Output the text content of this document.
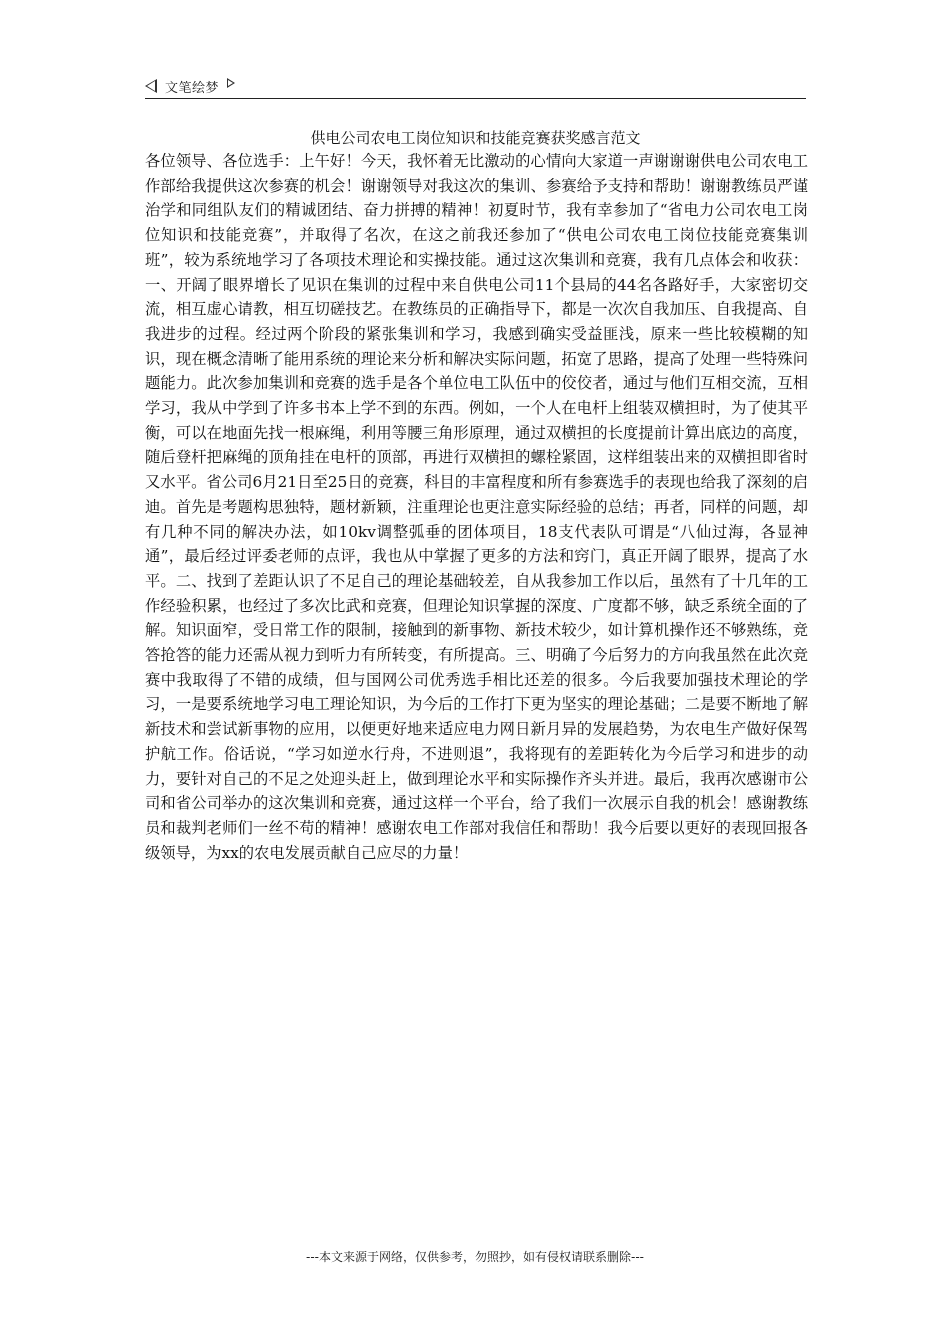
文笔绘梦
供电公司农电工岗位知识和技能竞赛获奖感言范文

各位领导、各位选手：上午好！今天，我怀着无比激动的心情向大家道一声谢谢谢供电公司农电工作部给我提供这次参赛的机会！谢谢领导对我这次的集训、参赛给予支持和帮助！谢谢教练员严谨治学和同组队友们的精诚团结、奋力拼搏的精神！初夏时节，我有幸参加了“省电力公司农电工岗位知识和技能竞赛”，并取得了名次，在这之前我还参加了“供电公司农电工岗位技能竞赛集训班”，较为系统地学习了各项技术理论和实操技能。通过这次集训和竞赛，我有几点体会和收获：一、开阔了眼界增长了见识在集训的过程中来自供电公司11个县局的44名各路好手，大家密切交流，相互虚心请教，相互切磋技艺。在教练员的正确指导下，都是一次次自我加压、自我提高、自我进步的过程。经过两个阶段的紧张集训和学习，我感到确实受益匪浅，原来一些比较模糊的知识，现在概念清晰了能用系统的理论来分析和解决实际问题，拓宽了思路，提高了处理一些特殊问题能力。此次参加集训和竞赛的选手是各个单位电工队伍中的佼佼者，通过与他们互相交流，互相学习，我从中学到了许多书本上学不到的东西。例如，一个人在电杆上组装双横担时，为了使其平衡，可以在地面先找一根麻绳，利用等腰三角形原理，通过双横担的长度提前计算出底边的高度，随后登杆把麻绳的顶角挂在电杆的顶部，再进行双横担的螺栓紧固，这样组装出来的双横担即省时又水平。省公司6月21日至25日的竞赛，科目的丰富程度和所有参赛选手的表现也给我了深刻的启迪。首先是考题构思独特，题材新颖，注重理论也更注意实际经验的总结；再者，同样的问题，却有几种不同的解决办法，如10kv调整弧垂的团体项目，18支代表队可谓是“八仙过海，各显神通”，最后经过评委老师的点评，我也从中掌握了更多的方法和窍门，真正开阔了眼界，提高了水平。二、找到了差距认识了不足自己的理论基础较差，自从我参加工作以后，虽然有了十几年的工作经验积累，也经过了多次比武和竞赛，但理论知识掌握的深度、广度都不够，缺乏系统全面的了解。知识面窄，受日常工作的限制，接触到的新事物、新技术较少，如计算机操作还不够熟练，竞答抢答的能力还需从视力到听力有所转变，有所提高。三、明确了今后努力的方向我虽然在此次竞赛中我取得了不错的成绩，但与国网公司优秀选手相比还差的很多。今后我要加强技术理论的学习，一是要系统地学习电工理论知识，为今后的工作打下更为坚实的理论基础；二是要不断地了解新技术和尝试新事物的应用，以便更好地来适应电力网日新月异的发展趋势，为农电生产做好保驾护航工作。俗话说，“学习如逆水行舟，不进则退”，我将现有的差距转化为今后学习和进步的动力，要针对自己的不足之处迎头赶上，做到理论水平和实际操作齐头并进。最后，我再次感谢市公司和省公司举办的这次集训和竞赛，通过这样一个平台，给了我们一次展示自我的机会！感谢教练员和裁判老师们一丝不苟的精神！感谢农电工作部对我信任和帮助！我今后要以更好的表现回报各级领导，为xx的农电发展贡献自己应尽的力量！

---本文来源于网络，仅供参考，勿照抄，如有侵权请联系删除---
